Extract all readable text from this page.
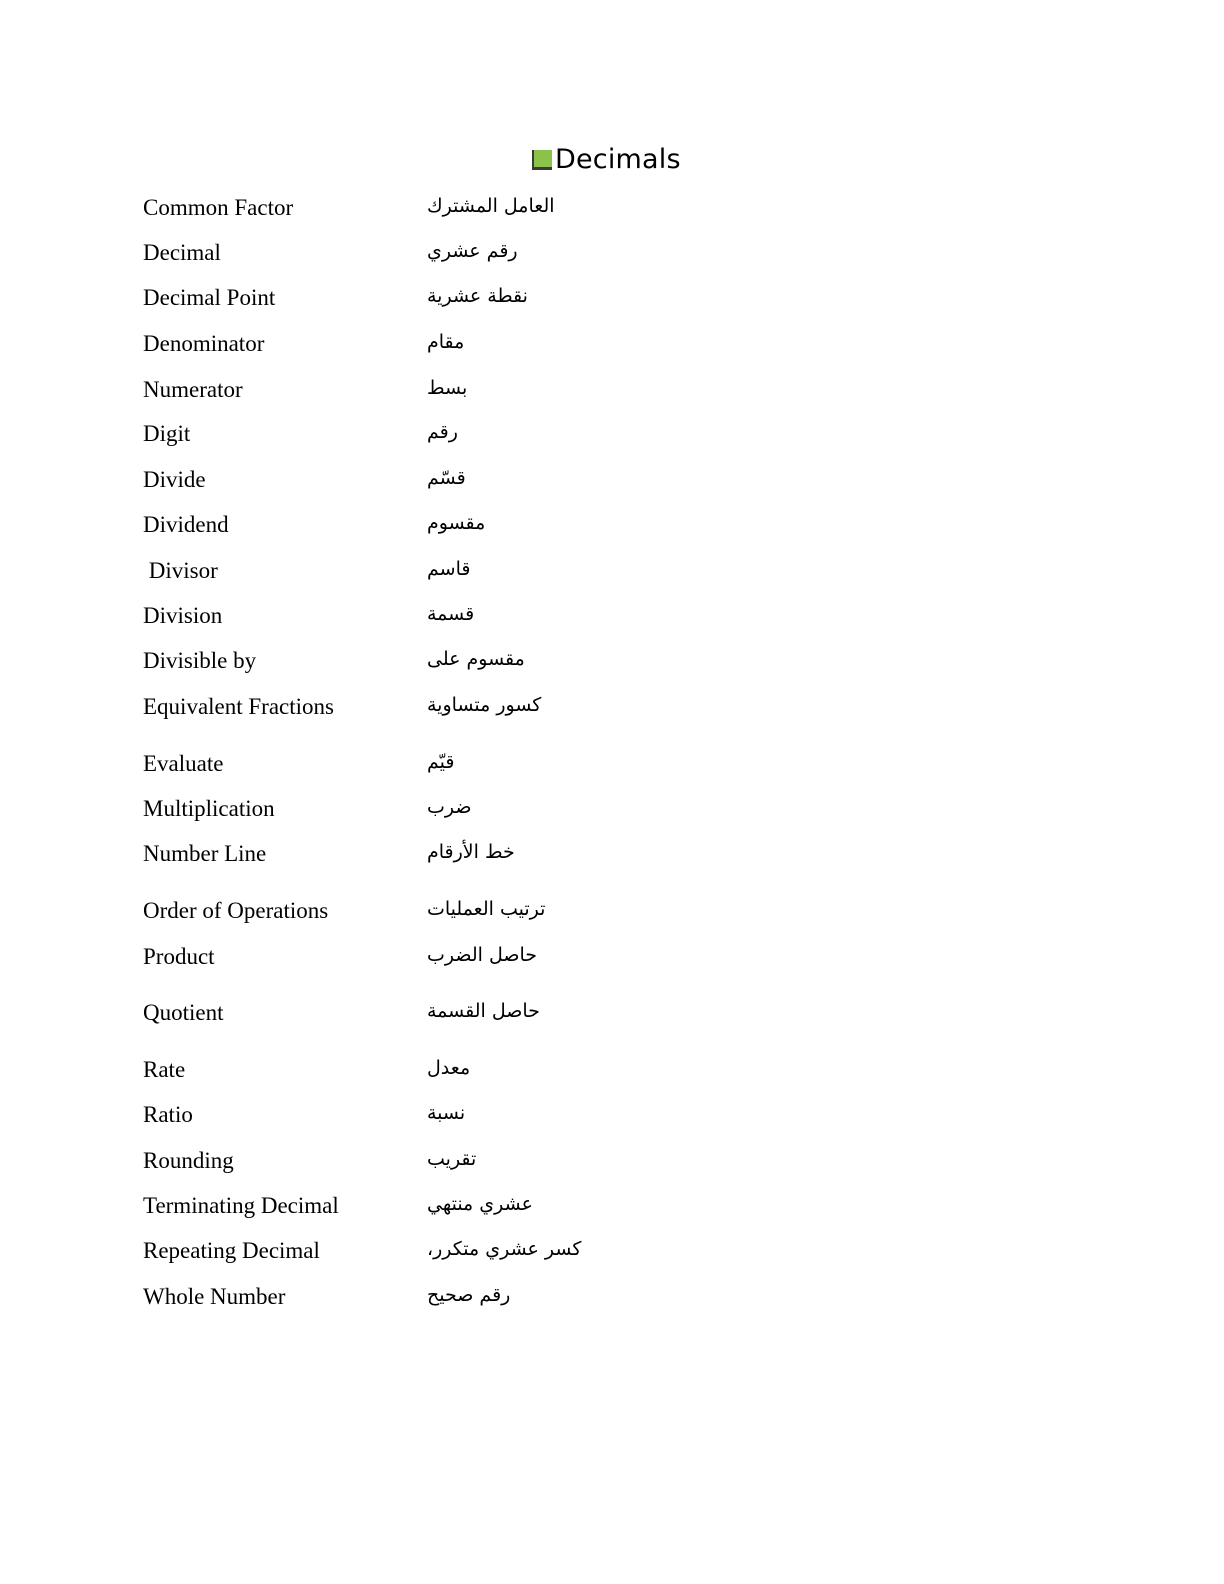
Decimals
Common Factor	العامل المشترك
Decimal	رقم عشري
Decimal Point	نقطة عشرية
Denominator	مقام
Numerator	بسط
Digit	رقم
Divide	قسّم
Dividend	مقسوم
Divisor	قاسم
Division	قسمة
Divisible by	مقسوم على
Equivalent Fractions	كسور متساوية
Evaluate	قيّم
Multiplication	ضرب
Number Line	خط الأرقام
Order of Operations	ترتيب العمليات
Product	حاصل الضرب
Quotient	حاصل القسمة
Rate	معدل
Ratio	نسبة
Rounding	تقريب
Terminating Decimal	عشري منتهي
Repeating Decimal	كسر عشري متكرر،
Whole Number	رقم صحيح
